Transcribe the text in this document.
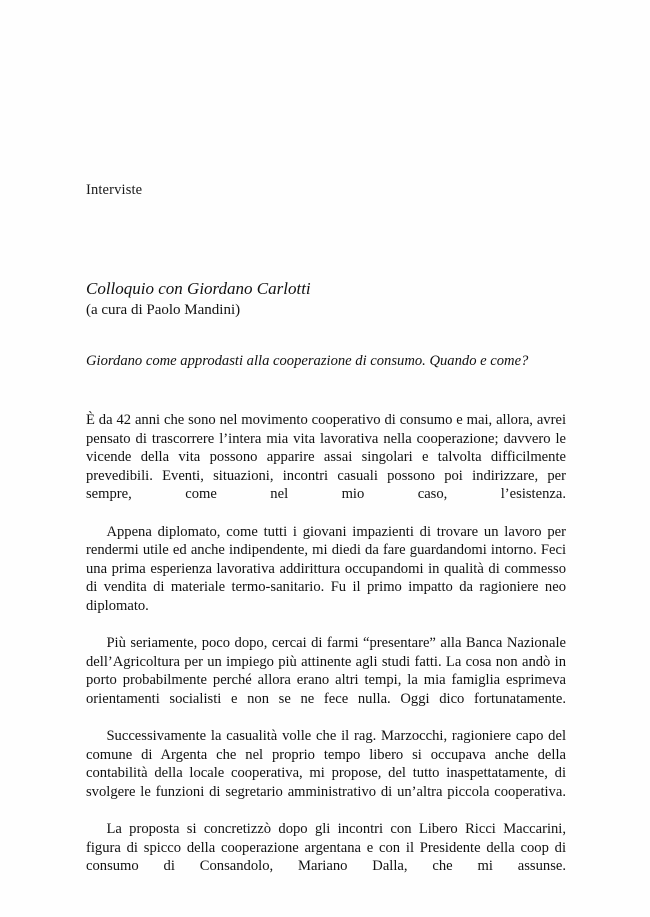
Interviste
Colloquio con Giordano Carlotti
(a cura di Paolo Mandini)
Giordano come approdasti alla cooperazione di consumo. Quando e come?

È da 42 anni che sono nel movimento cooperativo di consumo e mai, allora, avrei pensato di trascorrere l’intera mia vita lavorativa nella cooperazione; davvero le vicende della vita possono apparire assai singolari e talvolta difficilmente prevedibili. Eventi, situazioni, incontri casuali possono poi indirizzare, per sempre, come nel mio caso, l’esistenza.

Appena diplomato, come tutti i giovani impazienti di trovare un lavoro per rendermi utile ed anche indipendente, mi diedi da fare guardandomi intorno. Feci una prima esperienza lavorativa addirittura occupandomi in qualità di commesso di vendita di materiale termo-sanitario. Fu il primo impatto da ragioniere neo diplomato.

Più seriamente, poco dopo, cercai di farmi “presentare” alla Banca Nazionale dell’Agricoltura per un impiego più attinente agli studi fatti. La cosa non andò in porto probabilmente perché allora erano altri tempi, la mia famiglia esprimeva orientamenti socialisti e non se ne fece nulla. Oggi dico fortunatamente.

Successivamente la casualità volle che il rag. Marzocchi, ragioniere capo del comune di Argenta che nel proprio tempo libero si occupava anche della contabilità della locale cooperativa, mi propose, del tutto inaspettatamente, di svolgere le funzioni di segretario amministrativo di un’altra piccola cooperativa.

La proposta si concretizzò dopo gli incontri con Libero Ricci Maccarini, figura di spicco della cooperazione argentana e con il Presidente della coop di consumo di Consandolo, Mariano Dalla, che mi assunse.
